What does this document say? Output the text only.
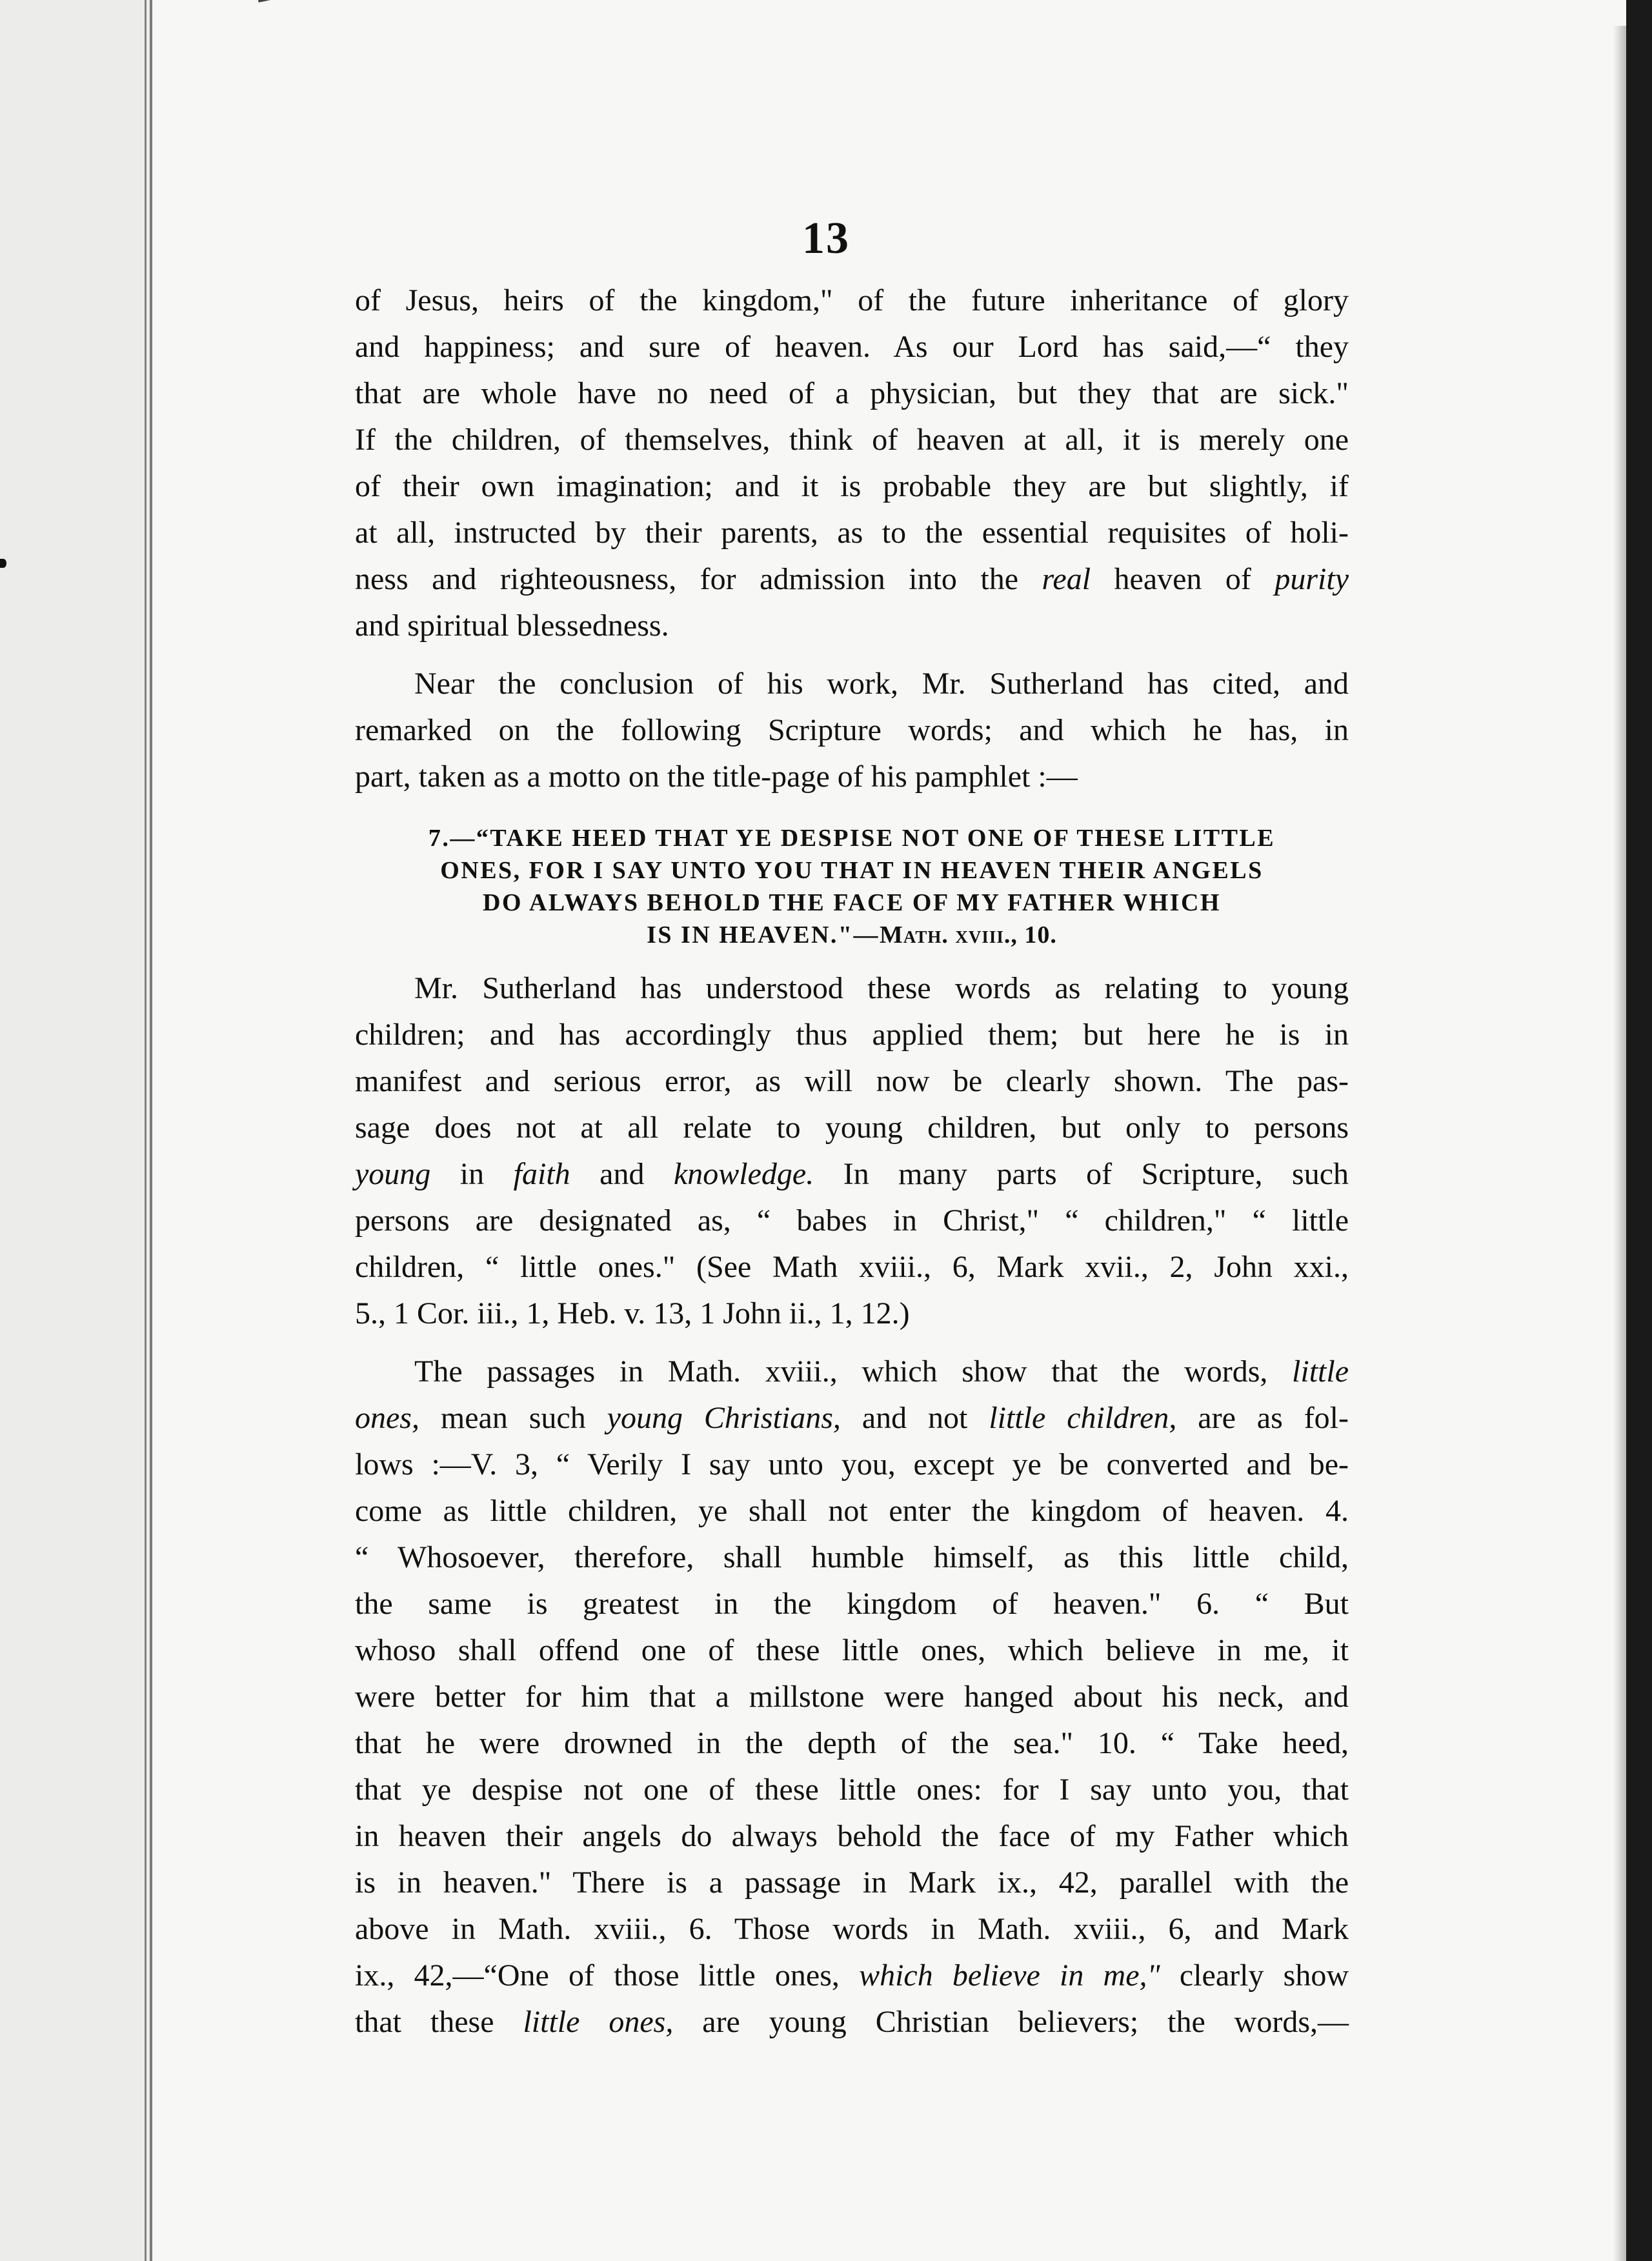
13
of Jesus, heirs of the kingdom," of the future inheritance of glory
and happiness; and sure of heaven. As our Lord has said,—“ they
that are whole have no need of a physician, but they that are sick."
If the children, of themselves, think of heaven at all, it is merely one
of their own imagination; and it is probable they are but slightly, if
at all, instructed by their parents, as to the essential requisites of holi-
ness and righteousness, for admission into the real heaven of purity
and spiritual blessedness.
Near the conclusion of his work, Mr. Sutherland has cited, and
remarked on the following Scripture words; and which he has, in
part, taken as a motto on the title-page of his pamphlet :—
7.—“TAKE HEED THAT YE DESPISE NOT ONE OF THESE LITTLE
ONES, FOR I SAY UNTO YOU THAT IN HEAVEN THEIR ANGELS
DO ALWAYS BEHOLD THE FACE OF MY FATHER WHICH
IS IN HEAVEN."—Math. xviii., 10.
Mr. Sutherland has understood these words as relating to young
children; and has accordingly thus applied them; but here he is in
manifest and serious error, as will now be clearly shown. The pas-
sage does not at all relate to young children, but only to persons
young in faith and knowledge. In many parts of Scripture, such
persons are designated as, “ babes in Christ," “ children," “ little
children, “ little ones." (See Math xviii., 6, Mark xvii., 2, John xxi.,
5., 1 Cor. iii., 1, Heb. v. 13, 1 John ii., 1, 12.)
The passages in Math. xviii., which show that the words, little
ones, mean such young Christians, and not little children, are as fol-
lows :—V. 3, “ Verily I say unto you, except ye be converted and be-
come as little children, ye shall not enter the kingdom of heaven. 4.
“ Whosoever, therefore, shall humble himself, as this little child,
the same is greatest in the kingdom of heaven." 6. “ But
whoso shall offend one of these little ones, which believe in me, it
were better for him that a millstone were hanged about his neck, and
that he were drowned in the depth of the sea." 10. “ Take heed,
that ye despise not one of these little ones: for I say unto you, that
in heaven their angels do always behold the face of my Father which
is in heaven." There is a passage in Mark ix., 42, parallel with the
above in Math. xviii., 6. Those words in Math. xviii., 6, and Mark
ix., 42,—“One of those little ones, which believe in me," clearly show
that these little ones, are young Christian believers; the words,—
